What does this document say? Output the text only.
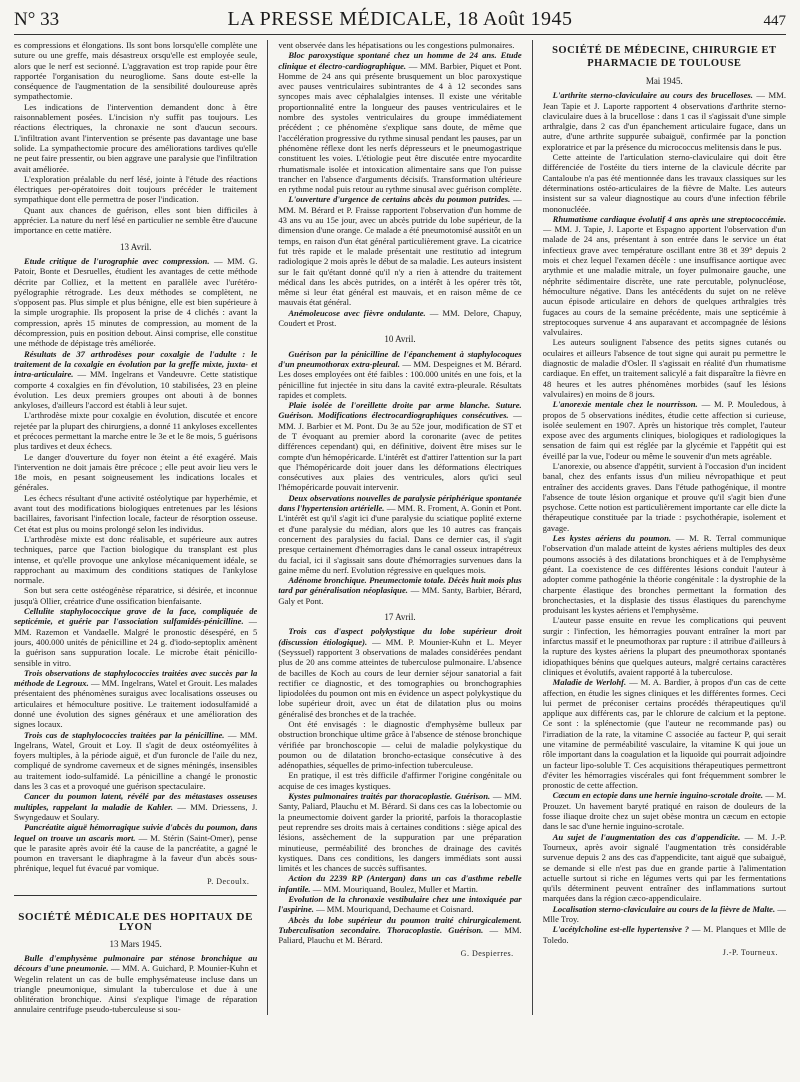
N° 33	LA PRESSE MÉDICALE, 18 Août 1945	447

es compressions et élongations. Ils sont bons lorsqu'elle complète une suture ou une greffe, mais désastreux orsqu'elle est employée seule, alors que le nerf est secionné. L'aggravation est trop rapide pour être rapportée l'organisation du neurogliome. Sans doute est-elle la conséquence de l'augmentation de la sensibilité douloureuse après sympathectomie.

Les indications de l'intervention demandent donc à être raisonnablement posées. L'incision n'y suffit pas toujours. Les réactions électriques, la chronaxie ne sont d'aucun secours. L'infiltration avant l'intervention se présente pas davantage une base solide. La sympathectomie procure des améliorations tardives qu'elle ne peut faire pressentir, ou bien aggrave une paralysie que l'infiltration avait améliorée.

L'exploration préalable du nerf lésé, jointe à l'étude des réactions électriques per-opératoires doit toujours précéder le traitement sympathique dont elle permettra de poser l'indication.

Quant aux chances de guérison, elles sont bien difficiles à apprécier. La nature du nerf lésé en particulier ne semble être d'aucune importance en cette matière.

13 Avril.

Etude critique de l'urographie avec compression. — MM. G. Patoir, Bonte et Desruelles, étudient les avantages de cette méthode décrite par Colliez, et la mettent en parallèle avec l'urétéro-pyélographie rétrograde. Les deux méthodes se complètent, ne s'opposent pas. Plus simple et plus bénigne, elle est bien supérieure à la simple urographie. Ils proposent la prise de 4 clichés : avant la compression, après 15 minutes de compression, au moment de la décompression, puis en position debout. Ainsi comprise, elle constitue une méthode de dépistage très améliorée.

Résultats de 37 arthrodèses pour coxalgie de l'adulte : le traitement de la coxalgie en évolution par la greffe mixte, juxta- et intra-articulaire. — MM. Ingelrans et Vandeuvre. Cette statistique comporte 4 coxalgies en fin d'évolution, 10 stabilisées, 23 en pleine évolution. Les deux premiers groupes ont abouti à de bonnes ankyloses, d'ailleurs l'accord est établi à leur sujet.

L'arthrodèse mixte pour coxalgie en évolution, discutée et encore rejetée par la plupart des chirurgiens, a donné 11 ankyloses excellentes et précoces permettant la marche entre le 3e et le 8e mois, 5 guérisons plus tardives et deux échecs.

Le danger d'ouverture du foyer non éteint a été exagéré. Mais l'intervention ne doit jamais être précoce ; elle peut avoir lieu vers le 18e mois, en pesant soigneusement les indications locales et générales.

Les échecs résultant d'une activité ostéolytique par hyperhémie, et avant tout des modifications biologiques entretenues par les lésions bacillaires, favorisant l'infection locale, facteur de résorption osseuse. Cet état est plus ou moins prolongé selon les individus.

L'arthrodèse mixte est donc réalisable, et supérieure aux autres techniques, parce que l'action biologique du transplant est plus intense, et qu'elle provoque une ankylose mécaniquement idéale, se rapprochant au maximum des conditions statiques de l'ankylose normale.

Son but sera cette ostéogénèse réparatrice, si désirée, et inconnue jusqu'à Ollier, créatrice d'une ossification bienfaisante.

Cellulite staphylococcique grave de la face, compliquée de septicémie, et guérie par l'association sulfamidés-pénicilline. — MM. Razemon et Vandaelle. Malgré le pronostic désespéré, en 5 jours, 400.000 unités de pénicilline et 24 g. d'iodo-septoplix amènent la guérison sans suppuration locale. Le microbe était pénicillo-sensible in vitro.

Trois observations de staphylococcies traitées avec succès par la méthode de Legroux. — MM. Ingelrans, Watel et Grouit. Les malades présentaient des phénomènes suraigus avec localisations osseuses ou articulaires et hémoculture positive. Le traitement iodosulfamidé a donné une évolution des signes généraux et une amélioration des signes locaux.

Trois cas de staphylococcies traitées par la pénicilline. — MM. Ingelrans, Watel, Grouit et Loy. Il s'agit de deux ostéomyélites à foyers multiples, à la période aiguë, et d'un furoncle de l'aile du nez, compliqué de syndrome caverneux et de signes méningés, insensibles au traitement iodo-sulfamidé. La pénicilline a changé le pronostic dans les 3 cas et a provoqué une guérison spectaculaire.

Cancer du poumon latent, révélé par des métastases osseuses multiples, rappelant la maladie de Kahler. — MM. Driessens, J. Swyngedauw et Soulary.

Pancréatite aiguë hémorragique suivie d'abcès du poumon, dans lequel on trouve un ascaris mort. — M. Stérin (Saint-Omer), pense que le parasite après avoir été la cause de la pancréatite, a gagné le poumon en traversant le diaphragme à la faveur d'un abcès sous-phrénique, lequel fut évacué par vomique.

P. Decoulx.
SOCIÉTÉ MÉDICALE DES HOPITAUX DE LYON
13 Mars 1945.

Bulle d'emphysème pulmonaire par sténose bronchique au décours d'une pneumonie. — MM. A. Guichard, P. Mounier-Kuhn et Wegelin relatent un cas de bulle emphysémateuse incluse dans un triangle pneumonique, simulant la tuberculose et due à une oblitération bronchique. Ainsi s'explique l'image de réparation annulaire centrifuge pseudo-tuberculeuse si sou-

vent observée dans les hépatisations ou les congestions pulmonaires.

Bloc paroxystique spontané chez un homme de 24 ans. Etude clinique et électro-cardiographique. — MM. Barbier, Piquet et Pont. Homme de 24 ans qui présente brusquement un bloc paroxystique avec pauses ventriculaires subintrantes de 4 à 12 secondes sans syncopes mais avec céphalalgies intenses. Il existe une véritable proportionnalité entre la longueur des pauses ventriculaires et le nombre des systoles ventriculaires du groupe immédiatement précédent ; ce phénomène s'explique sans doute, de même que l'accélération progressive du rythme sinusal pendant les pauses, par un phénomène réflexe dont les nerfs dépresseurs et le pneumogastrique constituent les voies. L'étiologie peut être discutée entre myocardite rhumatismale isolée et intoxication alimentaire sans que l'on puisse trancher en l'absence d'arguments décisifs. Transformation ultérieure en rythme nodal puis retour au rythme sinusal avec guérison complète.

L'ouverture d'urgence de certains abcès du poumon putrides. — MM. M. Bérard et P. Fraisse rapportent l'observation d'un homme de 43 ans vu au 15e jour, avec un abcès putride du lobe supérieur, de la dimension d'une orange. Ce malade a été pneumotomisé aussitôt en un temps, en raison d'un état général particulièrement grave. La cicatrice fut très rapide et le malade présentait une restitutio ad integrum radiologique 2 mois après le début de sa maladie. Les auteurs insistent sur le fait qu'étant donné qu'il n'y a rien à attendre du traitement médical dans les abcès putrides, on a intérêt à les opérer très tôt, même si leur état général est mauvais, et en raison même de ce mauvais état général.

Anémoleucose avec fièvre ondulante. — MM. Delore, Chapuy, Coudert et Prost.

10 Avril.

Guérison par la pénicilline de l'épanchement à staphylocoques d'un pneumothorax extra-pleural. — MM. Despeignes et M. Bérard. Les doses employées ont été faibles : 100.000 unités en une fois, et la pénicilline fut injectée in situ dans la cavité extra-pleurale. Résultats rapides et complets.

Plaie isolée de l'oreillette droite par arme blanche. Suture. Guérison. Modifications électrocardiographiques consécutives. — MM. J. Barbier et M. Pont. Du 3e au 52e jour, modification de ST et de T évoquant au premier abord la coronarite (avec de petites différences cependant) qui, en définitive, doivent être mises sur le compte d'un hémopéricarde. L'intérêt est d'attirer l'attention sur la part que l'hémopéricarde doit jouer dans les déformations électriques consécutives aux plaies des ventricules, alors qu'ici seul l'hémopéricarde pouvait intervenir.

Deux observations nouvelles de paralysie périphérique spontanée dans l'hypertension artérielle. — MM. R. Froment, A. Gonin et Pont. L'intérêt est qu'il s'agit ici d'une paralysie du sciatique poplité externe et d'une paralysie du médian, alors que les 10 autres cas français concernent des paralysies du facial. Dans ce dernier cas, il s'agit presque certainement d'hémorragies dans le canal osseux intrapétreux du facial, ici il s'agissait sans doute d'hémorragies survenues dans la gaine même du nerf. Evolution régressive en quelques mois.

Adénome bronchique. Pneumectomie totale. Décès huit mois plus tard par généralisation néoplasique. — MM. Santy, Barbier, Bérard, Galy et Pont.

17 Avril.

Trois cas d'aspect polykystique du lobe supérieur droit (discussion étiologique). — MM. P. Mounier-Kuhn et L. Meyer (Seyssuel) rapportent 3 observations de malades considérées pendant plus de 20 ans comme atteintes de tuberculose pulmonaire. L'absence de bacilles de Koch au cours de leur dernier séjour sanatorial a fait rectifier ce diagnostic, et des tomographies ou bronchographies lipiodolées du poumon ont mis en évidence un aspect polykystique du lobe supérieur droit, avec un état de dilatation plus ou moins généralisé des bronches et de la trachée.

Ont été envisagés : le diagnostic d'emphysème bulleux par obstruction bronchique ultime grâce à l'absence de sténose bronchique vérifiée par bronchoscopie — celui de maladie polykystique du poumon ou de dilatation broncho-ectasique consécutive à des adénopathies, séquelles de primo-infection tuberculeuse.

En pratique, il est très difficile d'affirmer l'origine congénitale ou acquise de ces images kystiques.

Kystes pulmonaires traités par thoracoplastie. Guérison. — MM. Santy, Paliard, Plauchu et M. Bérard. Si dans ces cas la lobectomie ou la pneumectomie doivent garder la priorité, parfois la thoracoplastie peut reprendre ses droits mais à certaines conditions : siège apical des lésions, assèchement de la suppuration par une préparation minutieuse, perméabilité des bronches de drainage des cavités kystiques. Dans ces conditions, les dangers immédiats sont aussi limités et les chances de succès suffisantes.

Action du 2239 RP (Antergan) dans un cas d'asthme rebelle infantile. — MM. Mouriquand, Boulez, Muller et Martin.

Evolution de la chronaxie vestibulaire chez une intoxiquée par l'aspirine. — MM. Mouriquand, Dechaume et Coisnard.

Abcès du lobe supérieur du poumon traité chirurgicalement. Tuberculisation secondaire. Thoracoplastie. Guérison. — MM. Paliard, Plauchu et M. Bérard.

G. Despierres.
SOCIÉTÉ DE MÉDECINE, CHIRURGIE ET PHARMACIE DE TOULOUSE
Mai 1945.

L'arthrite sterno-claviculaire au cours des brucelloses. — MM. Jean Tapie et J. Laporte rapportent 4 observations d'arthrite sterno-claviculaire dues à la brucellose : dans 1 cas il s'agissait d'une simple arthralgie, dans 2 cas d'un épanchement articulaire fugace, dans un autre, d'une arthrite suppurée subaiguë, confirmée par la ponction exploratrice et par la présence du micrococcus melitensis dans le pus.

Cette atteinte de l'articulation sterno-claviculaire qui doit être différenciée de l'ostéite du tiers interne de la clavicule décrite par Cantaloube n'a pas été mentionnée dans les travaux classiques sur les déterminations ostéo-articulaires de la fièvre de Malte. Les auteurs insistent sur sa valeur diagnostique au cours d'une infection fébrile mononucléée.

Rhumatisme cardiaque évolutif 4 ans après une streptococcémie. — MM. J. Tapie, J. Laporte et Espagno apportent l'observation d'un malade de 24 ans, présentant à son entrée dans le service un état infectieux grave avec température oscillant entre 38 et 39° depuis 2 mois et chez lequel l'examen décèle : une insuffisance aortique avec arythmie et une maladie mitrale, un foyer pulmonaire gauche, une néphrite sédimentaire discrète, une rate percutable, polynucléose, hémoculture négative. Dans les antécédents du sujet on ne relève aucun épisode articulaire en dehors de quelques arthralgies très fugaces au cours de la semaine précédente, mais une septicémie à streptocoques survenue 4 ans auparavant et accompagnée de lésions valvulaires.

Les auteurs soulignent l'absence des petits signes cutanés ou oculaires et ailleurs l'absence de tout signe qui aurait pu permettre le diagnostic de maladie d'Osler. Il s'agissait en réalité d'un rhumatisme cardiaque. En effet, un traitement salicylé a fait disparaître la fièvre en 48 heures et les autres phénomènes morbides (sauf les lésions valvulaires) en moins de 8 jours.

L'anorexie mentale chez le nourrisson. — M. P. Mouledous, à propos de 5 observations inédites, étudie cette affection si curieuse, isolée seulement en 1907. Après un historique très complet, l'auteur expose avec des arguments cliniques, biologiques et radiologiques la sensation de faim qui est réglée par la glycémie et l'appétit qui est éveillé par la vue, l'odeur ou même le souvenir d'un mets agréable.

L'anorexie, ou absence d'appétit, survient à l'occasion d'un incident banal, chez des enfants issus d'un milieu névropathique et peut entraîner des accidents graves. Dans l'étude pathogénique, il montre l'absence de toute lésion organique et prouve qu'il s'agit bien d'une psychose. Cette notion est particulièrement importante car elle dicte la thérapeutique constituée par la triade : psychothérapie, isolement et gavage.

Les kystes aériens du poumon. — M. R. Terral communique l'observation d'un malade atteint de kystes aériens multiples des deux poumons associés à des dilatations bronchiques et à de l'emphysème géant. La coexistence de ces différentes lésions conduit l'auteur à adopter comme pathogénie la théorie congénitale : la dystrophie de la charpente élastique des bronches permettant la formation des bronchectasies, et la displasie des tissus élastiques du parenchyme produisant les kystes aériens et l'emphysème.

L'auteur passe ensuite en revue les complications qui peuvent surgir : l'infection, les hémorragies pouvant entraîner la mort par infarctus massif et le pneumothorax par rupture : il attribue d'ailleurs à la rupture des kystes aériens la plupart des pneumothorax spontanés idiopathiques bénins que quelques auteurs, malgré certains caractères cliniques et évolutifs, avaient rapporté à la tuberculose.

Maladie de Werlohf. — M. A. Bardier, à propos d'un cas de cette affection, en étudie les signes cliniques et les différentes formes. Ceci lui permet de préconiser certains procédés thérapeutiques qu'il applique aux différents cas, par le chlorure de calcium et la peptone. Ce sont : la splénectomie (que l'auteur ne recommande pas) ou l'irradiation de la rate, la vitamine C associée au facteur P, qui serait une vitamine de perméabilité vasculaire, la vitamine K qui joue un rôle important dans la coagulation et la liquoïde qui pourrait adjoindre un facteur lipo-soluble T. Ces acquisitions thérapeutiques permettront d'éviter les hémorragies viscérales qui font fréquemment sombrer le pronostic de cette affection.

Cæcum en ectopie dans une hernie inguino-scrotale droite. — M. Prouzet. Un havement baryté pratiqué en raison de douleurs de la fosse iliaque droite chez un sujet obèse montra un cæcum en ectopie dans le sac d'une hernie inguino-scrotale.

Au sujet de l'augmentation des cas d'appendicite. — M. J.-P. Tourneux, après avoir signalé l'augmentation très considérable survenue depuis 2 ans des cas d'appendicite, tant aiguë que subaiguë, se demande si elle n'est pas due en grande partie à l'alimentation actuelle surtout si riche en légumes verts qui par les fermentations qu'ils déterminent peuvent entraîner des inflammations surtout marquées dans la région cæco-appendiculaire.

Localisation sterno-claviculaire au cours de la fièvre de Malte. — Mlle Troy.

L'acétylcholine est-elle hypertensive ? — M. Planques et Mlle de Toledo.

J.-P. Tourneux.
